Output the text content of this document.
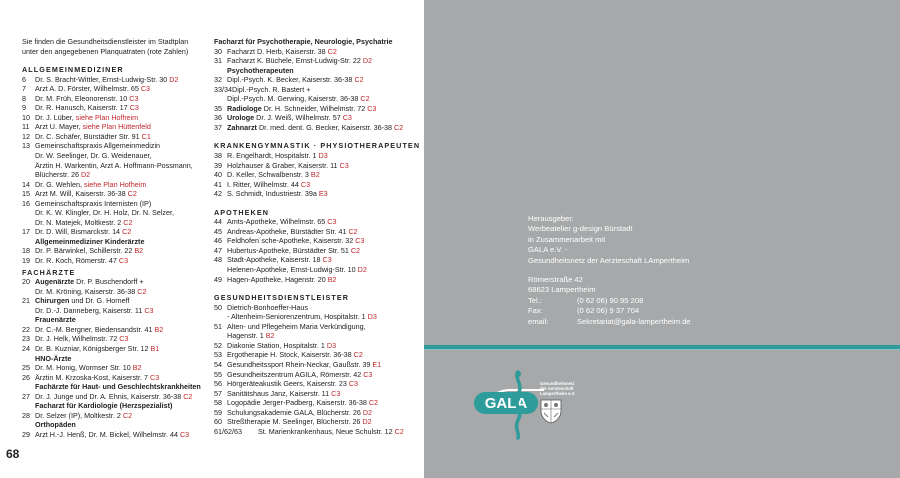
Sie finden die Gesundheitsdienstleister im Stadtplan
unter den angegebenen Planquatraten (rote Zahlen)
ALLGEMEINMEDIZINER
6 Dr. S. Bracht-Wittler, Ernst-Ludwig-Str. 30 D2
7 Arzt A. D. Förster, Wilhelmstr. 65 C3
8 Dr. M. Früh, Eleonorenstr. 10 C3
9 Dr. R. Hanusch, Kaiserstr. 17 C3
10 Dr. J. Lüber, siehe Plan Hofheim
11 Arzt U. Mayer, siehe Plan Hüttenfeld
12 Dr. C. Schäfer, Bürstädter Str. 91 C1
13 Gemeinschaftspraxis Allgemeinmedizin
Dr. W. Seelinger, Dr. G. Weidenauer,
Ärztin H. Warkentin, Arzt A. Hoffmann-Possmann,
Blücherstr. 26 D2
14 Dr. G. Wehlen, siehe Plan Hofheim
15 Arzt M. Will, Kaiserstr. 36-38 C2
16 Gemeinschaftspraxis Internisten (IP)
Dr. K. W. Klingler, Dr. H. Holz, Dr. N. Selzer,
Dr. N. Matejek, Moltkestr. 2 C2
17 Dr. D. Will, Bismarckstr. 14 C2
Allgemeinmediziner Kinderärzte
18 Dr. P. Bärwinkel, Schillerstr. 22 B2
19 Dr. R. Koch, Römerstr. 47 C3
FACHÄRZTE
20 Augenärzte Dr. P. Buschendorff +
Dr. M. Kröning, Kaiserstr. 36-38 C2
21 Chirurgen und Dr. G. Horneff
Dr. D.-J. Danneberg, Kaiserstr. 11 C3
Frauenärzte
22 Dr. C.-M. Bergner, Biedensandstr. 41 B2
23 Dr. J. Helk, Wilhelmstr. 72 C3
24 Dr. B. Kuzniar, Königsberger Str. 12 B1
HNO-Ärzte
25 Dr. M. Honig, Wormser Str. 10 B2
26 Ärztin M. Krzoska-Kost, Kaiserstr. 7 C3
Fachärzte für Haut- und Geschlechtskrankheiten
27 Dr. J. Junge und Dr. A. Ehnis, Kaiserstr. 36-38 C2
Facharzt für Kardiologie (Herzspezialist)
28 Dr. Selzer (IP), Moltkestr. 2 C2
Orthopäden
29 Arzt H.-J. Henß, Dr. M. Bickel, Wilhelmstr. 44 C3
Facharzt für Psychotherapie, Neurologie, Psychatrie
30 Facharzt D. Herb, Kaiserstr. 38 C2
31 Facharzt K. Büchele, Ernst-Ludwig-Str. 22 D2
Psychotherapeuten
32 Dipl.-Psych. K. Becker, Kaiserstr. 36-38 C2
33/34Dipl.-Psych. R. Bastert +
Dipl.-Psych. M. Gerwing, Kaiserstr. 36-38 C2
35 Radiologe Dr. H. Schneider, Wilhelmstr. 72 C3
36 Urologe Dr. J. Weiß, Wilhelmstr. 57 C3
37 Zahnarzt Dr. med. dent. G. Becker, Kaiserstr. 36-38 C2
KRANKENGYMNASTIK · PHYSIOTHERAPEUTEN
38 R. Engelhardt, Hospitalstr. 1 D3
39 Holzhauser & Graber, Kaiserstr. 11 C3
40 D. Keller, Schwalbenstr. 3 B2
41 I. Ritter, Wilhelmstr. 44 C3
42 S. Schmidt, Industriestr. 39a E3
APOTHEKEN
44 Amts-Apotheke, Wilhelmstr. 65 C3
45 Andreas-Apotheke, Bürstädter Str. 41 C2
46 Feldhofen´sche-Apotheke, Kaiserstr. 32 C3
47 Hubertus-Apotheke, Bürstädter Str. 51 C2
48 Stadt-Apotheke, Kaiserstr. 18 C3
Helenen-Apotheke, Ernst-Ludwig-Str. 10 D2
49 Hagen-Apotheke, Hagenstr. 20 B2
GESUNDHEITSDIENSTLEISTER
50 Dietrich-Bonhoeffer-Haus
- Altenheim-Seniorenzentrum, Hospitalstr. 1 D3
51 Alten- und Pflegeheim Maria Verkündigung,
Hagenstr. 1 B2
52 Diakonie Station, Hospitalstr. 1 D3
53 Ergotherapie H. Stock, Kaiserstr. 36-38 C2
54 Gesundheitssport Rhein-Neckar, Gaußstr. 39 E1
55 Gesundheitszentrum AGILA, Römerstr. 42 C3
56 Hörgeräteakustik Geers, Kaiserstr. 23 C3
57 Sanitätshaus Janz, Kaiserstr. 11 C3
58 Logopädie Jerger-Padberg, Kaiserstr. 36-38 C2
59 Schulungsakademie GALA, Blücherstr. 26 D2
60 Streßtherapie M. Seelinger, Blücherstr. 26 D2
61/62/63 St. Marienkrankenhaus, Neue Schulstr. 12 C2
68
Herausgeber:
Werbeatelier g-design Bürstadt
in Zusammenarbeit mit
GALA e.V. -
Gesundheitsnetz der Aerzteschaft LAmpertheim
Römerstraße 42
68623 Lampertheim
Tel.:	(0 62 06) 90 95 208
Fax:	(0 62 06) 9 37 704
email:	Sekretariat@gala-lampertheim.de
GALA
Gesundheitsnetz
der Aerzteschaft
Lampertheim e.V.
